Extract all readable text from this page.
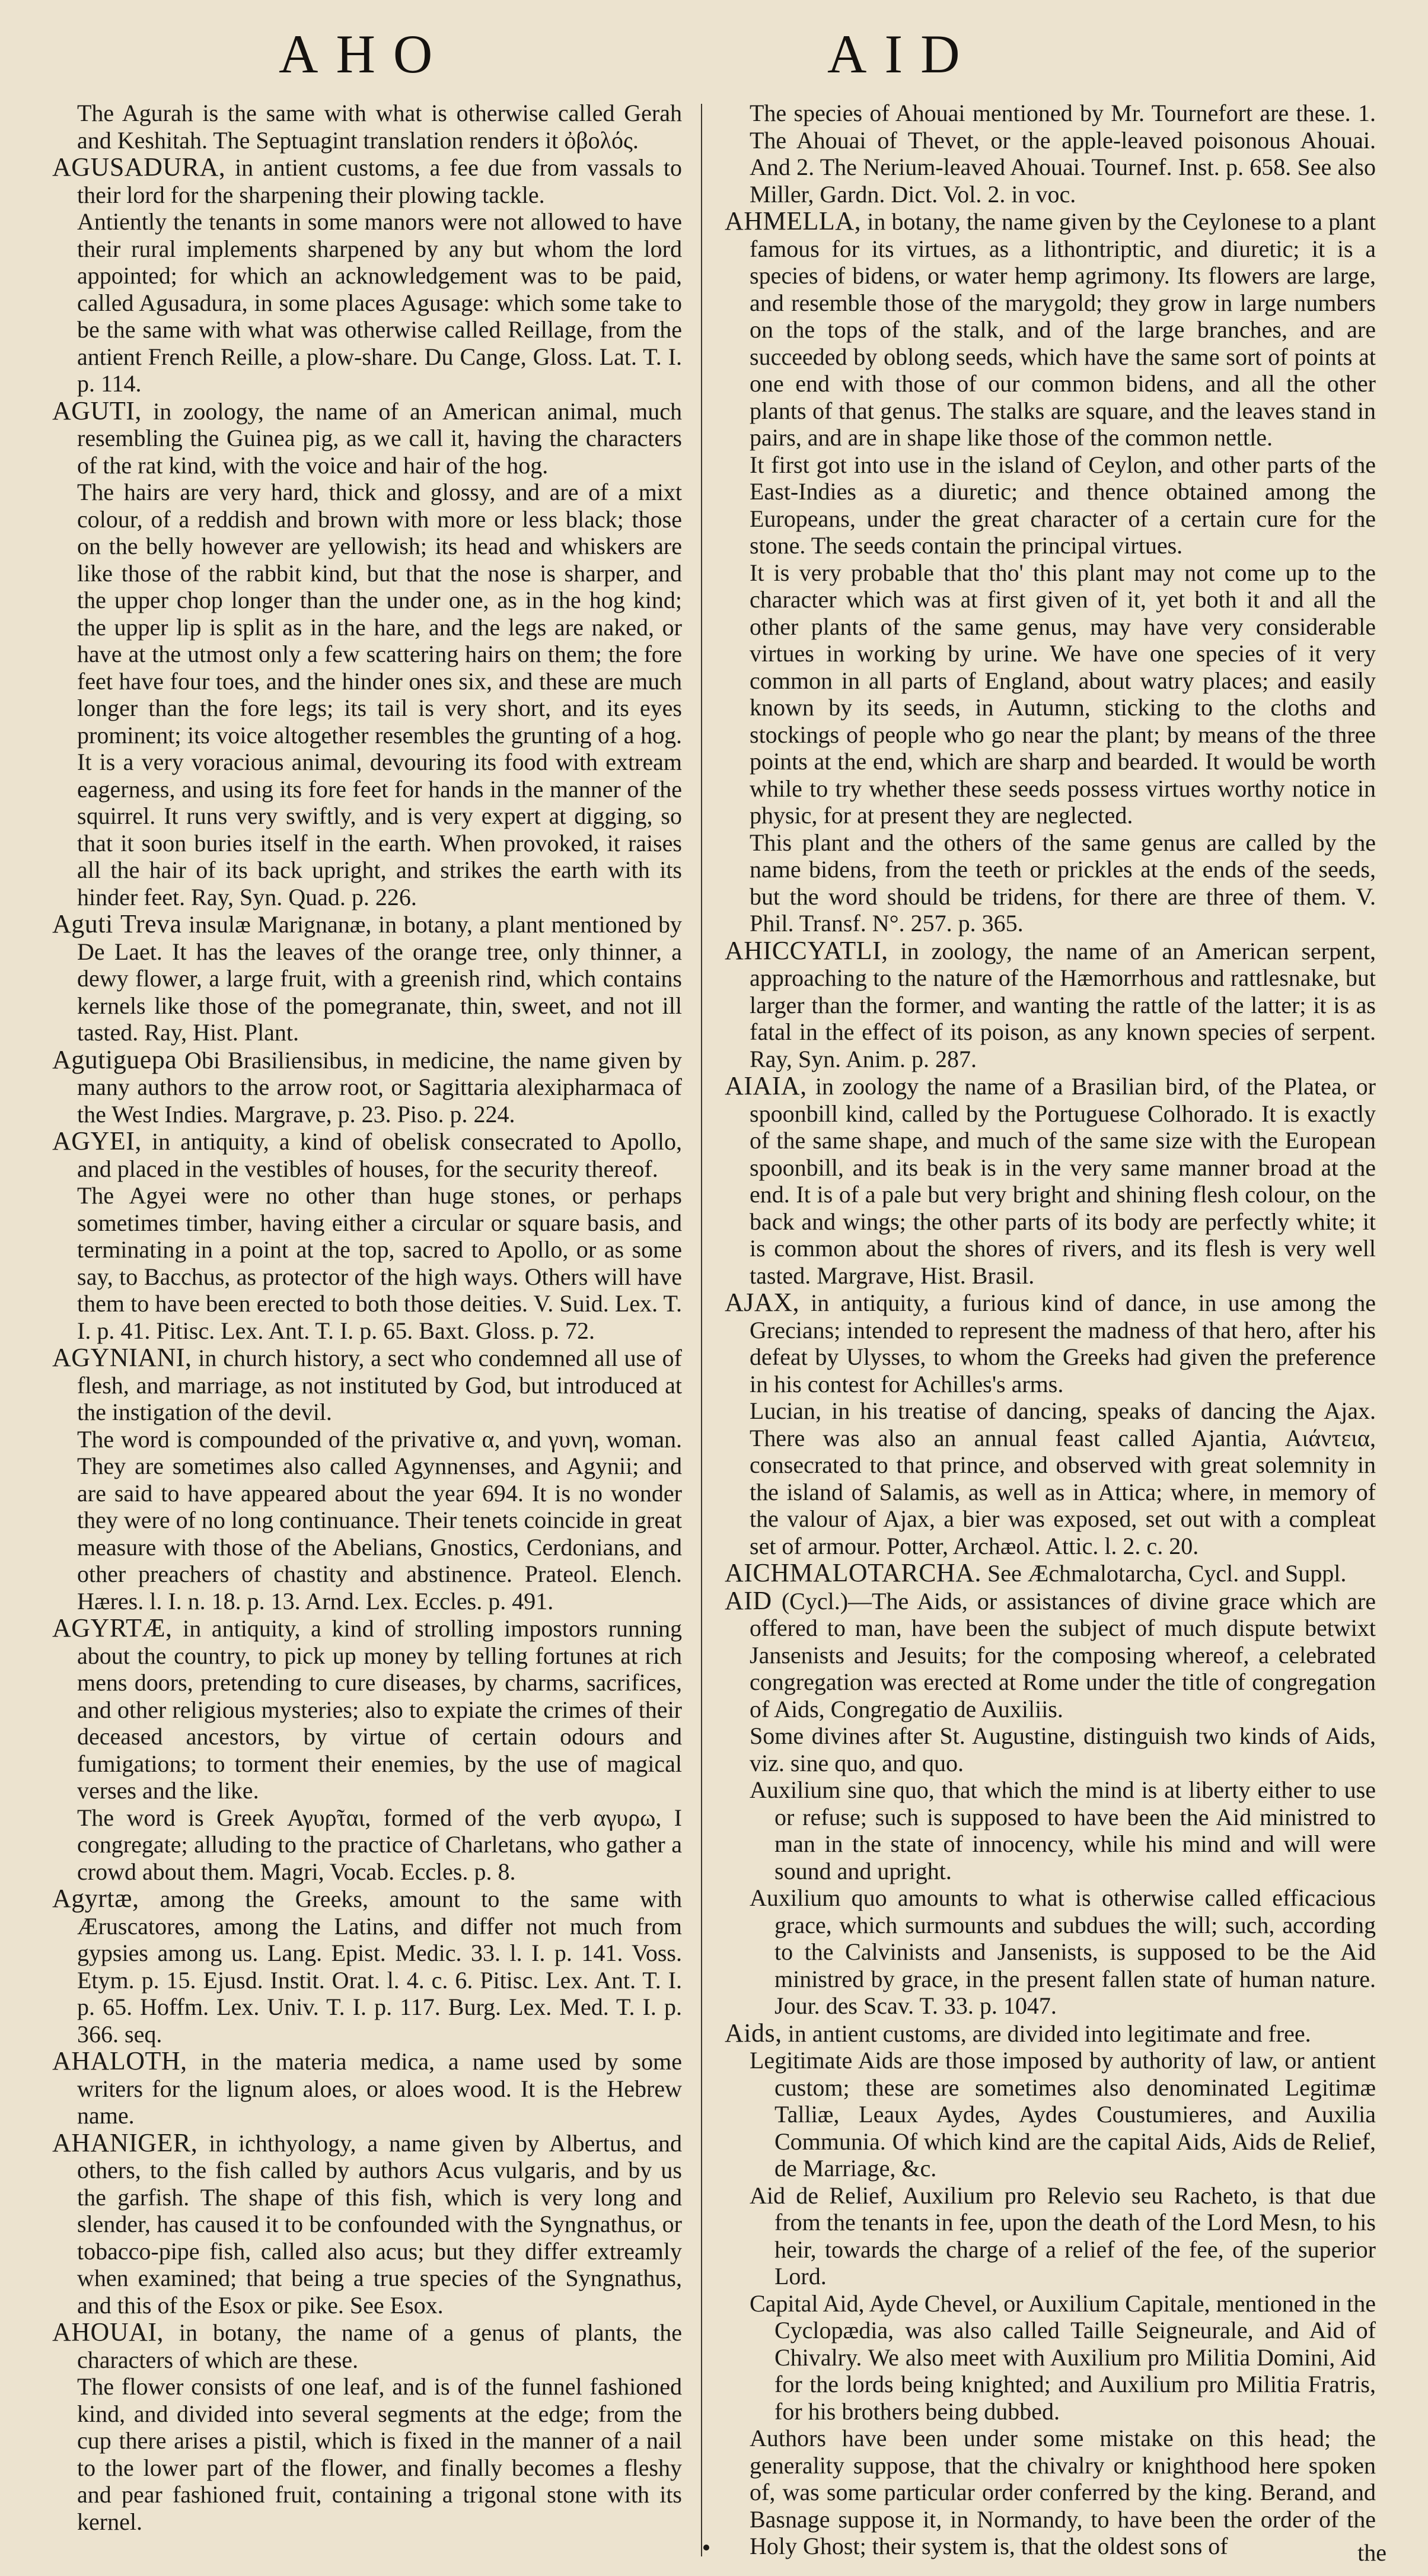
AHO	AID
The Agurah is the same with what is otherwise called Gerah and Keshitah. The Septuagint translation renders it ὀβολός.
AGUSADURA, in antient customs, a fee due from vassals to their lord for the sharpening their plowing tackle.
Antiently the tenants in some manors were not allowed to have their rural implements sharpened by any but whom the lord appointed; for which an acknowledgement was to be paid, called Agusadura, in some places Agusage: which some take to be the same with what was otherwise called Reillage, from the antient French Reille, a plow-share. Du Cange, Gloss. Lat. T. I. p. 114.
AGUTI, in zoology, the name of an American animal, much resembling the Guinea pig, as we call it, having the characters of the rat kind, with the voice and hair of the hog.
The hairs are very hard, thick and glossy, and are of a mixt colour, of a reddish and brown with more or less black; those on the belly however are yellowish; its head and whiskers are like those of the rabbit kind, but that the nose is sharper, and the upper chop longer than the under one, as in the hog kind; the upper lip is split as in the hare, and the legs are naked, or have at the utmost only a few scattering hairs on them; the fore feet have four toes, and the hinder ones six, and these are much longer than the fore legs; its tail is very short, and its eyes prominent; its voice altogether resembles the grunting of a hog. It is a very voracious animal, devouring its food with extream eagerness, and using its fore feet for hands in the manner of the squirrel. It runs very swiftly, and is very expert at digging, so that it soon buries itself in the earth. When provoked, it raises all the hair of its back upright, and strikes the earth with its hinder feet. Ray, Syn. Quad. p. 226.
Aguti Treva insulæ Marignanæ, in botany, a plant mentioned by De Laet. It has the leaves of the orange tree, only thinner, a dewy flower, a large fruit, with a greenish rind, which contains kernels like those of the pomegranate, thin, sweet, and not ill tasted. Ray, Hist. Plant.
Agutiguepa Obi Brasiliensibus, in medicine, the name given by many authors to the arrow root, or Sagittaria alexipharmaca of the West Indies. Margrave, p. 23. Piso. p. 224.
AGYEI, in antiquity, a kind of obelisk consecrated to Apollo, and placed in the vestibles of houses, for the security thereof.
The Agyei were no other than huge stones, or perhaps sometimes timber, having either a circular or square basis, and terminating in a point at the top, sacred to Apollo, or as some say, to Bacchus, as protector of the high ways. Others will have them to have been erected to both those deities. V. Suid. Lex. T. I. p. 41. Pitisc. Lex. Ant. T. I. p. 65. Baxt. Gloss. p. 72.
AGYNIANI, in church history, a sect who condemned all use of flesh, and marriage, as not instituted by God, but introduced at the instigation of the devil.
The word is compounded of the privative α, and γυνη, woman. They are sometimes also called Agynnenses, and Agynii; and are said to have appeared about the year 694. It is no wonder they were of no long continuance. Their tenets coincide in great measure with those of the Abelians, Gnostics, Cerdonians, and other preachers of chastity and abstinence. Prateol. Elench. Hæres. l. I. n. 18. p. 13. Arnd. Lex. Eccles. p. 491.
AGYRTÆ, in antiquity, a kind of strolling impostors running about the country, to pick up money by telling fortunes at rich mens doors, pretending to cure diseases, by charms, sacrifices, and other religious mysteries; also to expiate the crimes of their deceased ancestors, by virtue of certain odours and fumigations; to torment their enemies, by the use of magical verses and the like.
The word is Greek Αγυρ̃ται, formed of the verb αγυρω, I congregate; alluding to the practice of Charletans, who gather a crowd about them. Magri, Vocab. Eccles. p. 8.
Agyrtæ, among the Greeks, amount to the same with Æruscatores, among the Latins, and differ not much from gypsies among us. Lang. Epist. Medic. 33. l. I. p. 141. Voss. Etym. p. 15. Ejusd. Instit. Orat. l. 4. c. 6. Pitisc. Lex. Ant. T. I. p. 65. Hoffm. Lex. Univ. T. I. p. 117. Burg. Lex. Med. T. I. p. 366. seq.
AHALOTH, in the materia medica, a name used by some writers for the lignum aloes, or aloes wood. It is the Hebrew name.
AHANIGER, in ichthyology, a name given by Albertus, and others, to the fish called by authors Acus vulgaris, and by us the garfish. The shape of this fish, which is very long and slender, has caused it to be confounded with the Syngnathus, or tobacco-pipe fish, called also acus; but they differ extreamly when examined; that being a true species of the Syngnathus, and this of the Esox or pike. See Esox.
AHOUAI, in botany, the name of a genus of plants, the characters of which are these.
The flower consists of one leaf, and is of the funnel fashioned kind, and divided into several segments at the edge; from the cup there arises a pistil, which is fixed in the manner of a nail to the lower part of the flower, and finally becomes a fleshy and pear fashioned fruit, containing a trigonal stone with its kernel.
The species of Ahouai mentioned by Mr. Tournefort are these. 1. The Ahouai of Thevet, or the apple-leaved poisonous Ahouai. And 2. The Nerium-leaved Ahouai. Tournef. Inst. p. 658. See also Miller, Gardn. Dict. Vol. 2. in voc.
AHMELLA, in botany, the name given by the Ceylonese to a plant famous for its virtues, as a lithontriptic, and diuretic; it is a species of bidens, or water hemp agrimony. Its flowers are large, and resemble those of the marygold; they grow in large numbers on the tops of the stalk, and of the large branches, and are succeeded by oblong seeds, which have the same sort of points at one end with those of our common bidens, and all the other plants of that genus. The stalks are square, and the leaves stand in pairs, and are in shape like those of the common nettle.
It first got into use in the island of Ceylon, and other parts of the East-Indies as a diuretic; and thence obtained among the Europeans, under the great character of a certain cure for the stone. The seeds contain the principal virtues.
It is very probable that tho' this plant may not come up to the character which was at first given of it, yet both it and all the other plants of the same genus, may have very considerable virtues in working by urine. We have one species of it very common in all parts of England, about watry places; and easily known by its seeds, in Autumn, sticking to the cloths and stockings of people who go near the plant; by means of the three points at the end, which are sharp and bearded. It would be worth while to try whether these seeds possess virtues worthy notice in physic, for at present they are neglected.
This plant and the others of the same genus are called by the name bidens, from the teeth or prickles at the ends of the seeds, but the word should be tridens, for there are three of them. V. Phil. Transf. N°. 257. p. 365.
AHICCYATLI, in zoology, the name of an American serpent, approaching to the nature of the Hæmorrhous and rattlesnake, but larger than the former, and wanting the rattle of the latter; it is as fatal in the effect of its poison, as any known species of serpent. Ray, Syn. Anim. p. 287.
AIAIA, in zoology the name of a Brasilian bird, of the Platea, or spoonbill kind, called by the Portuguese Colhorado. It is exactly of the same shape, and much of the same size with the European spoonbill, and its beak is in the very same manner broad at the end. It is of a pale but very bright and shining flesh colour, on the back and wings; the other parts of its body are perfectly white; it is common about the shores of rivers, and its flesh is very well tasted. Margrave, Hist. Brasil.
AJAX, in antiquity, a furious kind of dance, in use among the Grecians; intended to represent the madness of that hero, after his defeat by Ulysses, to whom the Greeks had given the preference in his contest for Achilles's arms.
Lucian, in his treatise of dancing, speaks of dancing the Ajax. There was also an annual feast called Ajantia, Αιάντεια, consecrated to that prince, and observed with great solemnity in the island of Salamis, as well as in Attica; where, in memory of the valour of Ajax, a bier was exposed, set out with a compleat set of armour. Potter, Archæol. Attic. l. 2. c. 20.
AICHMALOTARCHA. See Æchmalotarcha, Cycl. and Suppl.
AID (Cycl.)—The Aids, or assistances of divine grace which are offered to man, have been the subject of much dispute betwixt Jansenists and Jesuits; for the composing whereof, a celebrated congregation was erected at Rome under the title of congregation of Aids, Congregatio de Auxiliis.
Some divines after St. Augustine, distinguish two kinds of Aids, viz. sine quo, and quo.
Auxilium sine quo, that which the mind is at liberty either to use or refuse; such is supposed to have been the Aid ministred to man in the state of innocency, while his mind and will were sound and upright.
Auxilium quo amounts to what is otherwise called efficacious grace, which surmounts and subdues the will; such, according to the Calvinists and Jansenists, is supposed to be the Aid ministred by grace, in the present fallen state of human nature. Jour. des Scav. T. 33. p. 1047.
Aids, in antient customs, are divided into legitimate and free.
Legitimate Aids are those imposed by authority of law, or antient custom; these are sometimes also denominated Legitimæ Talliæ, Leaux Aydes, Aydes Coustumieres, and Auxilia Communia. Of which kind are the capital Aids, Aids de Relief, de Marriage, &c.
Aid de Relief, Auxilium pro Relevio seu Racheto, is that due from the tenants in fee, upon the death of the Lord Mesn, to his heir, towards the charge of a relief of the fee, of the superior Lord.
Capital Aid, Ayde Chevel, or Auxilium Capitale, mentioned in the Cyclopædia, was also called Taille Seigneurale, and Aid of Chivalry. We also meet with Auxilium pro Militia Domini, Aid for the lords being knighted; and Auxilium pro Militia Fratris, for his brothers being dubbed.
Authors have been under some mistake on this head; the generality suppose, that the chivalry or knighthood here spoken of, was some particular order conferred by the king. Berand, and Basnage suppose it, in Normandy, to have been the order of the Holy Ghost; their system is, that the oldest sons of	the
